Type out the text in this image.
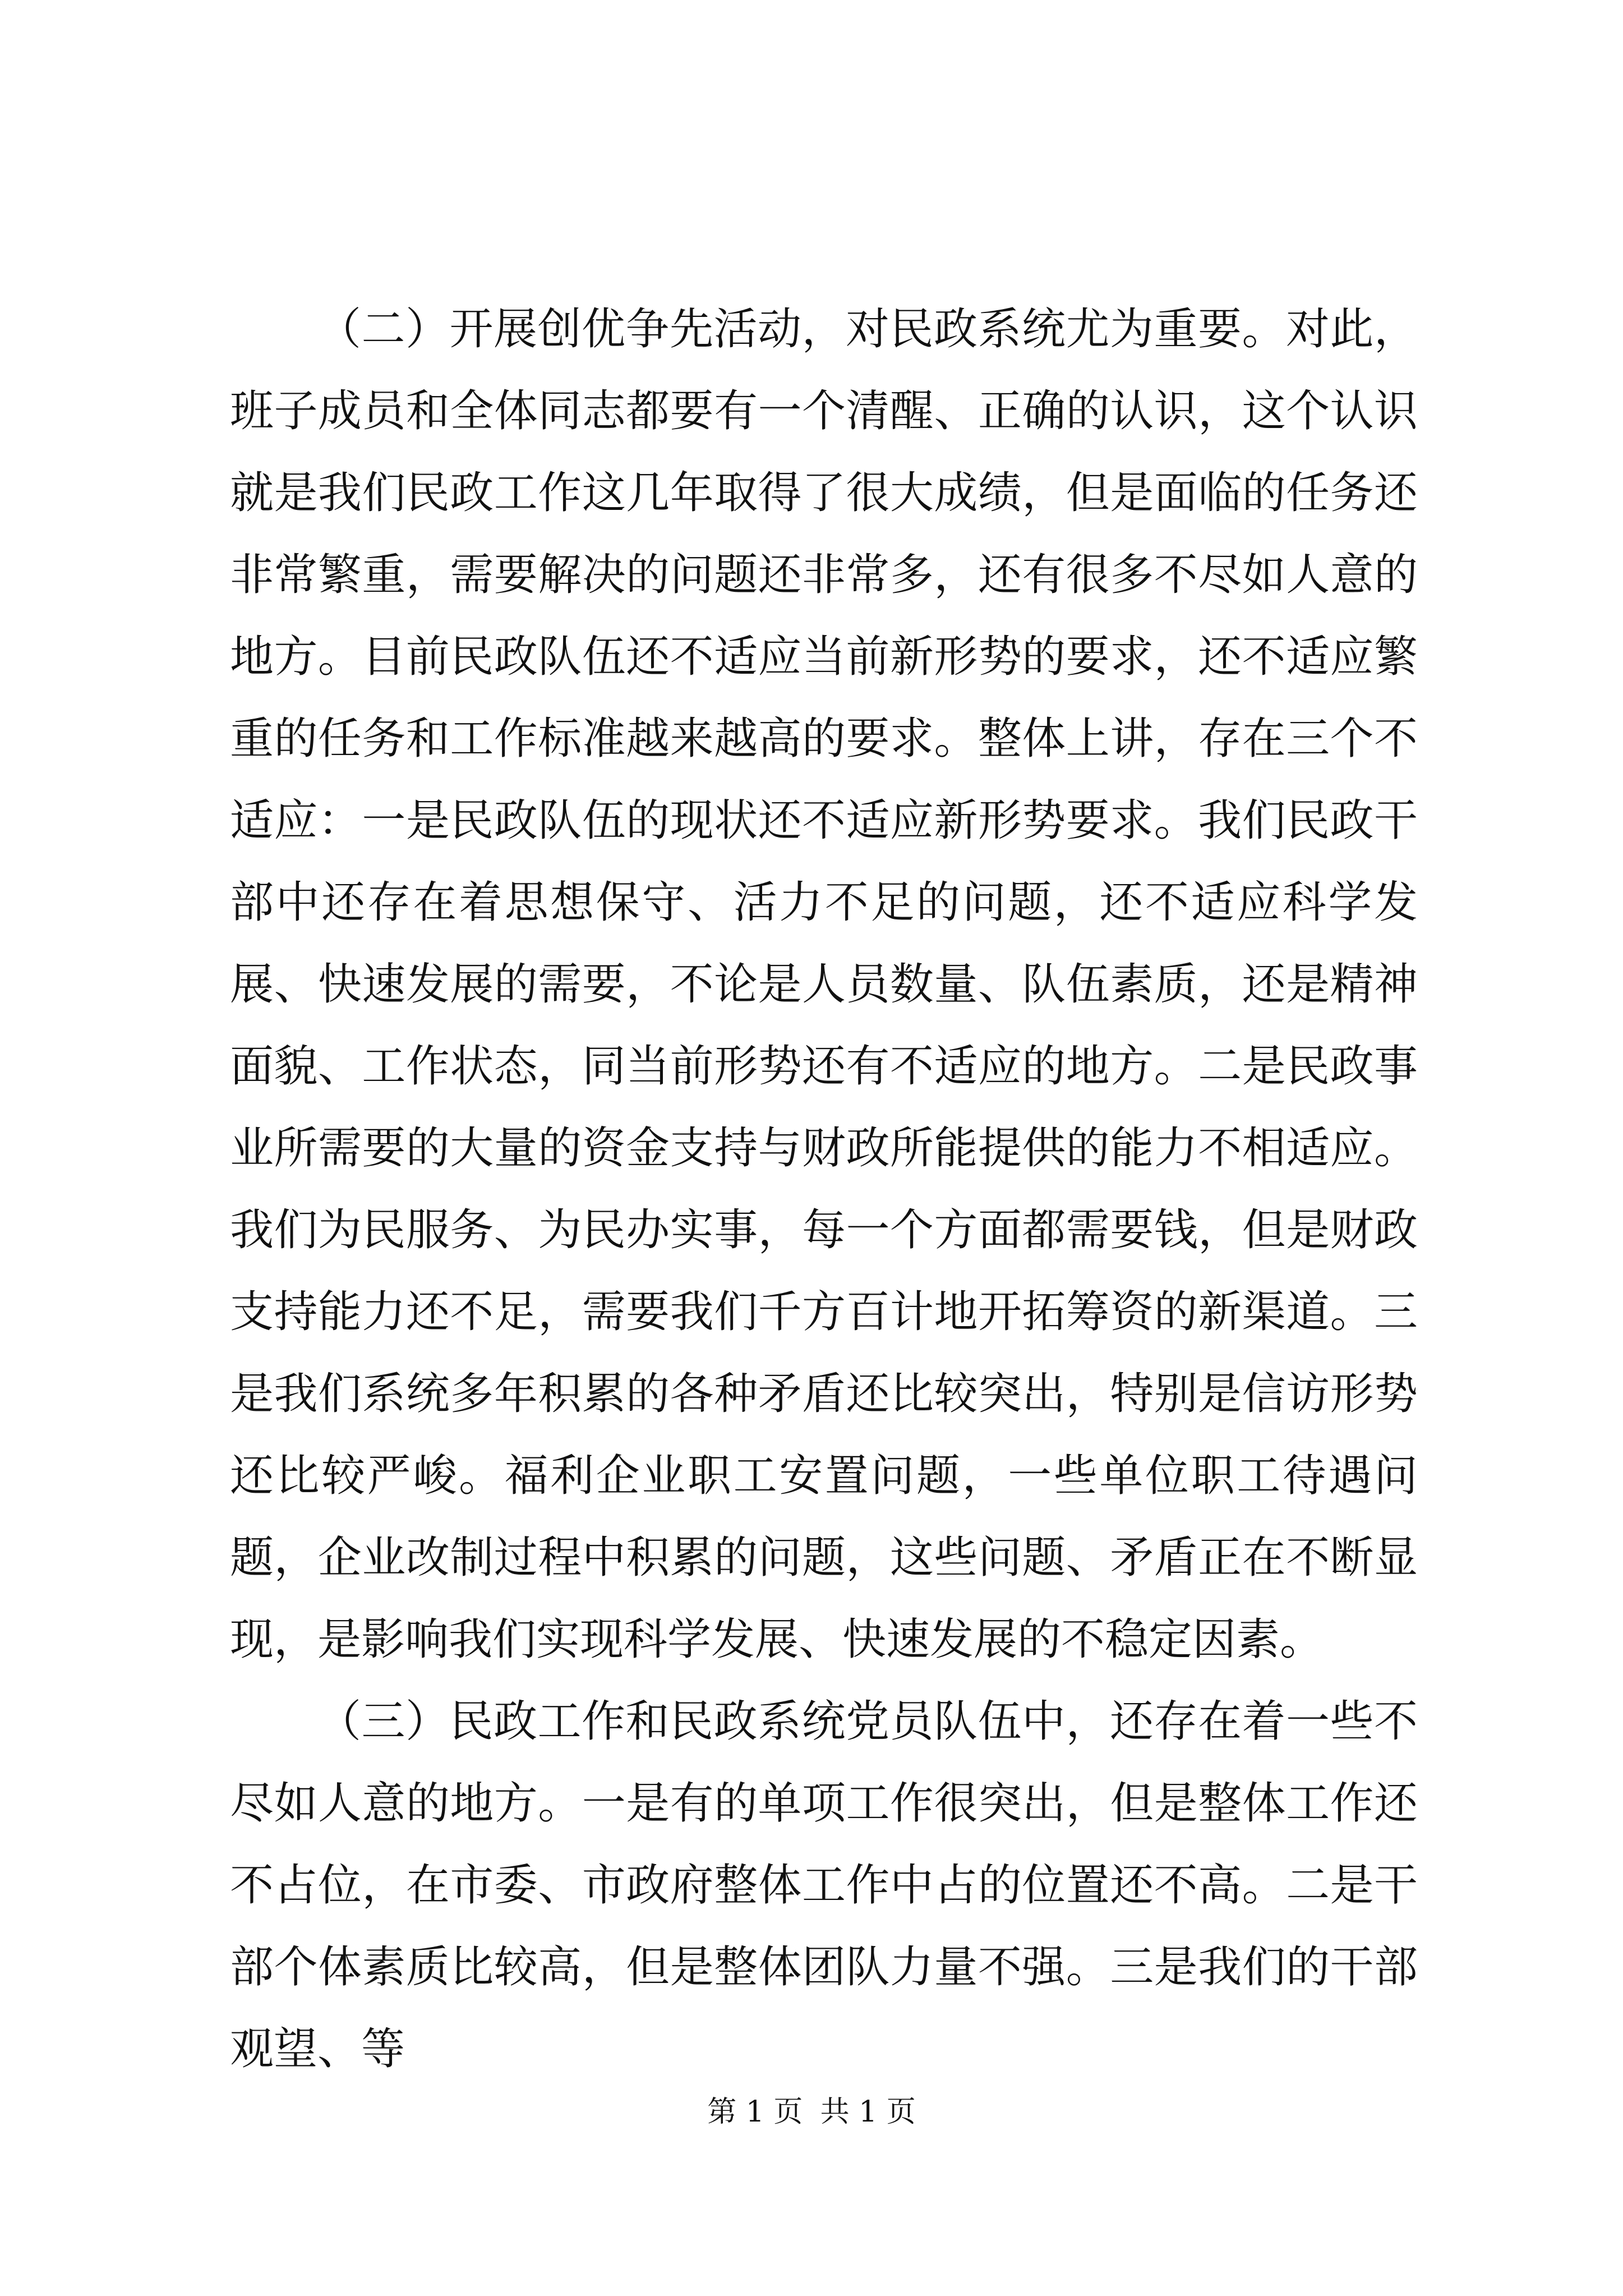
（二）开展创优争先活动，对民政系统尤为重要。对此，班子成员和全体同志都要有一个清醒、正确的认识，这个认识就是我们民政工作这几年取得了很大成绩，但是面临的任务还非常繁重，需要解决的问题还非常多，还有很多不尽如人意的地方。目前民政队伍还不适应当前新形势的要求，还不适应繁重的任务和工作标准越来越高的要求。整体上讲，存在三个不适应：一是民政队伍的现状还不适应新形势要求。我们民政干部中还存在着思想保守、活力不足的问题，还不适应科学发展、快速发展的需要，不论是人员数量、队伍素质，还是精神面貌、工作状态，同当前形势还有不适应的地方。二是民政事业所需要的大量的资金支持与财政所能提供的能力不相适应。我们为民服务、为民办实事，每一个方面都需要钱，但是财政支持能力还不足，需要我们千方百计地开拓筹资的新渠道。三是我们系统多年积累的各种矛盾还比较突出，特别是信访形势还比较严峻。福利企业职工安置问题，一些单位职工待遇问题，企业改制过程中积累的问题，这些问题、矛盾正在不断显现，是影响我们实现科学发展、快速发展的不稳定因素。

（三）民政工作和民政系统党员队伍中，还存在着一些不尽如人意的地方。一是有的单项工作很突出，但是整体工作还不占位，在市委、市政府整体工作中占的位置还不高。二是干部个体素质比较高，但是整体团队力量不强。三是我们的干部观望、等

第 1 页 共 1 页
